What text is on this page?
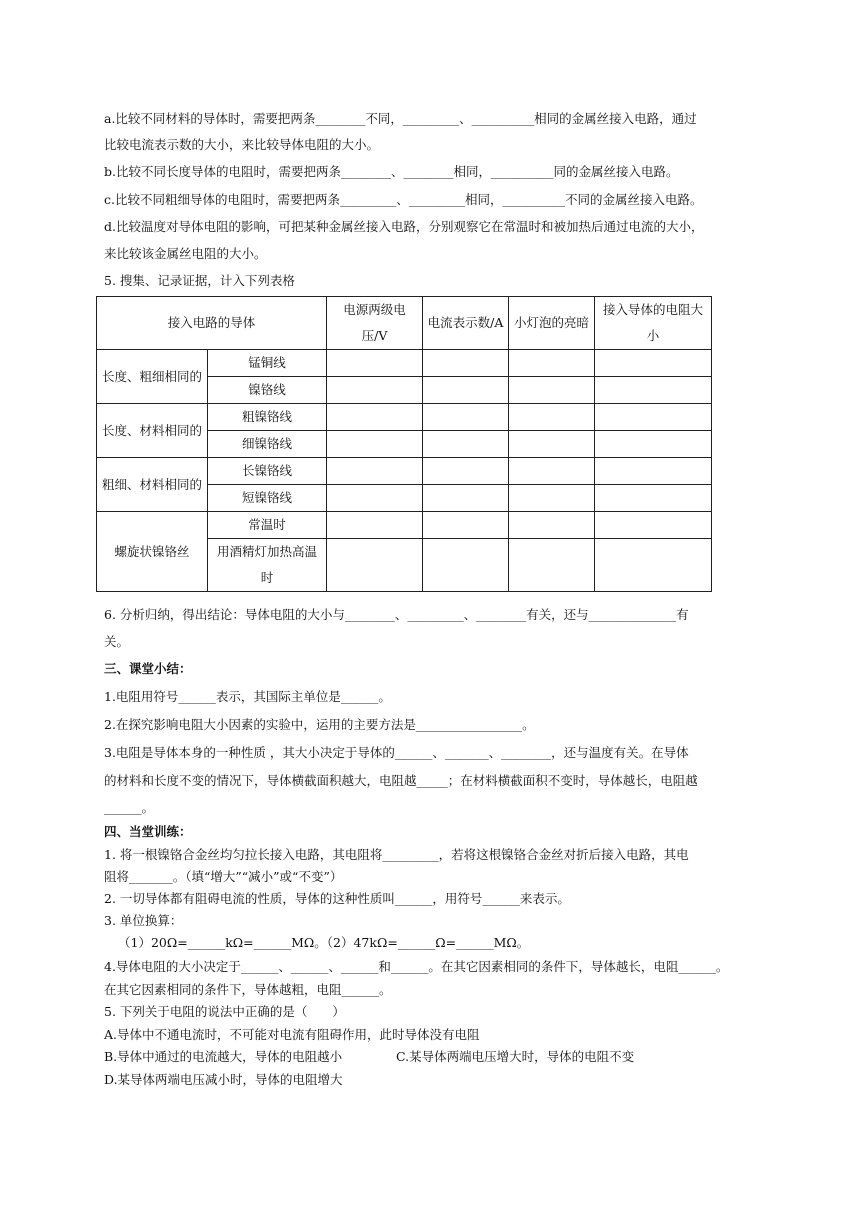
a.比较不同材料的导体时，需要把两条________不同，_________、__________相同的金属丝接入电路，通过
比较电流表示数的大小，来比较导体电阻的大小。
b.比较不同长度导体的电阻时，需要把两条________、________相同，__________同的金属丝接入电路。
c.比较不同粗细导体的电阻时，需要把两条_________、_________相同，__________不同的金属丝接入电路。
d.比较温度对导体电阻的影响，可把某种金属丝接入电路，分别观察它在常温时和被加热后通过电流的大小，
来比较该金属丝电阻的大小。
5. 搜集、记录证据，计入下列表格
接入电路的导体		电源两级电压/V	电流表示数/A	小灯泡的亮暗	接入导体的电阻大小
长度、粗细相同的	锰铜线				
	镍铬线				
长度、材料相同的	粗镍铬线				
	细镍铬线				
粗细、材料相同的	长镍铬线				
	短镍铬线				
螺旋状镍铬丝	常温时				
	用酒精灯加热高温时				
6. 分析归纳，得出结论：导体电阻的大小与________、_________、________有关，还与______________有
关。
三、课堂小结：
1.电阻用符号______表示，其国际主单位是______。
2.在探究影响电阻大小因素的实验中，运用的主要方法是_________________。
3.电阻是导体本身的一种性质 ，其大小决定于导体的______、_______、________，还与温度有关。在导体
的材料和长度不变的情况下，导体横截面积越大，电阻越_____；在材料横截面积不变时，导体越长，电阻越
______。
四、当堂训练：
1. 将一根镍铬合金丝均匀拉长接入电路，其电阻将_________，若将这根镍铬合金丝对折后接入电路，其电
阻将_______。（填“增大”“减小”或“不变”）
2. 一切导体都有阻碍电流的性质，导体的这种性质叫______，用符号______来表示。
3. 单位换算：
（1）20Ω=______kΩ=______MΩ。（2）47kΩ=______Ω=______MΩ。
4.导体电阻的大小决定于______、______、______和______。在其它因素相同的条件下，导体越长，电阻______。
在其它因素相同的条件下，导体越粗，电阻______。
5. 下列关于电阻的说法中正确的是（　　）
A.导体中不通电流时，不可能对电流有阻碍作用，此时导体没有电阻
B.导体中通过的电流越大，导体的电阻越小	C.某导体两端电压增大时，导体的电阻不变
D.某导体两端电压减小时，导体的电阻增大
